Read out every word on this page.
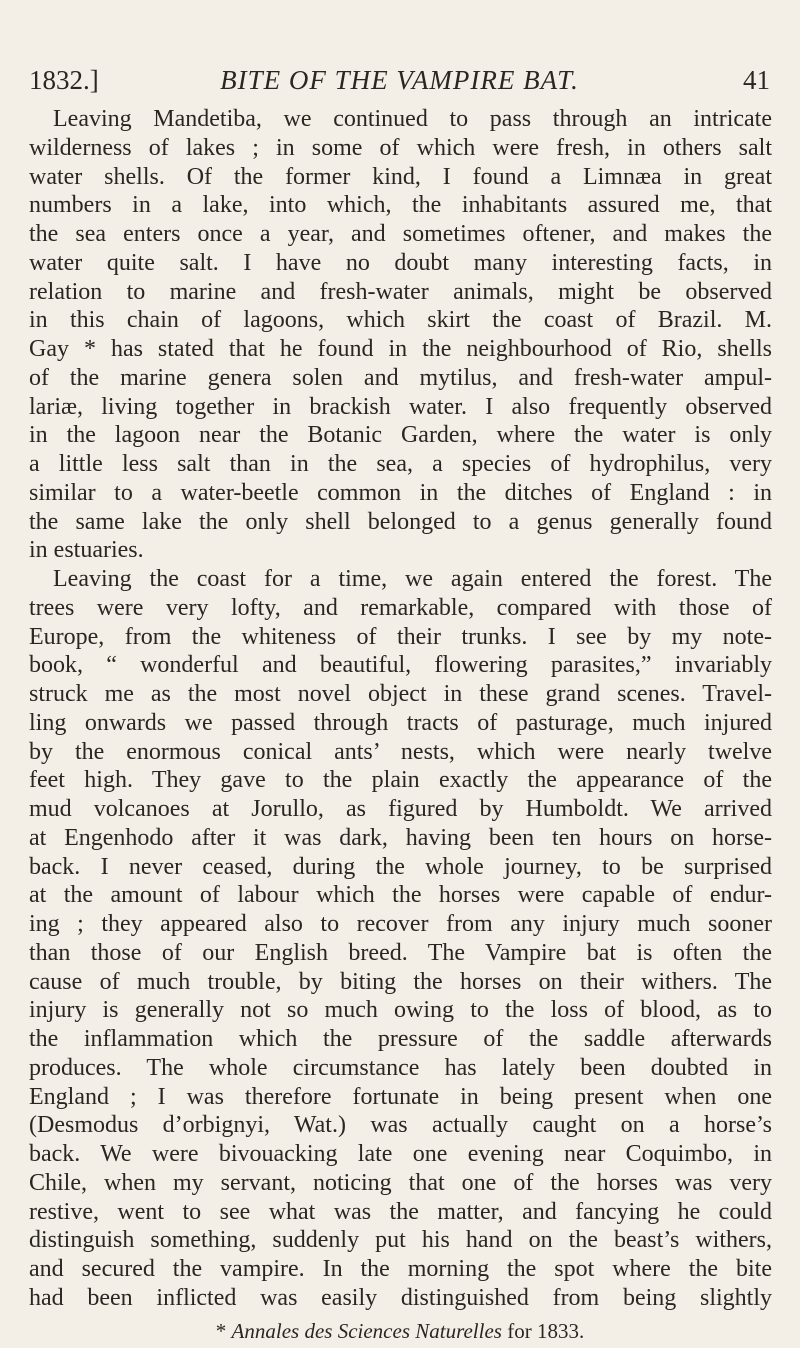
1832.]	BITE OF THE VAMPIRE BAT.	41
Leaving Mandetiba, we continued to pass through an intricate
wilderness of lakes ; in some of which were fresh, in others salt
water shells. Of the former kind, I found a Limnæa in great
numbers in a lake, into which, the inhabitants assured me, that
the sea enters once a year, and sometimes oftener, and makes the
water quite salt. I have no doubt many interesting facts, in
relation to marine and fresh-water animals, might be observed
in this chain of lagoons, which skirt the coast of Brazil. M.
Gay * has stated that he found in the neighbourhood of Rio, shells
of the marine genera solen and mytilus, and fresh-water ampul-
lariæ, living together in brackish water. I also frequently observed
in the lagoon near the Botanic Garden, where the water is only
a little less salt than in the sea, a species of hydrophilus, very
similar to a water-beetle common in the ditches of England : in
the same lake the only shell belonged to a genus generally found
in estuaries.
Leaving the coast for a time, we again entered the forest. The
trees were very lofty, and remarkable, compared with those of
Europe, from the whiteness of their trunks. I see by my note-
book, “ wonderful and beautiful, flowering parasites,” invariably
struck me as the most novel object in these grand scenes. Travel-
ling onwards we passed through tracts of pasturage, much injured
by the enormous conical ants’ nests, which were nearly twelve
feet high. They gave to the plain exactly the appearance of the
mud volcanoes at Jorullo, as figured by Humboldt. We arrived
at Engenhodo after it was dark, having been ten hours on horse-
back. I never ceased, during the whole journey, to be surprised
at the amount of labour which the horses were capable of endur-
ing ; they appeared also to recover from any injury much sooner
than those of our English breed. The Vampire bat is often the
cause of much trouble, by biting the horses on their withers. The
injury is generally not so much owing to the loss of blood, as to
the inflammation which the pressure of the saddle afterwards
produces. The whole circumstance has lately been doubted in
England ; I was therefore fortunate in being present when one
(Desmodus d’orbignyi, Wat.) was actually caught on a horse’s
back. We were bivouacking late one evening near Coquimbo, in
Chile, when my servant, noticing that one of the horses was very
restive, went to see what was the matter, and fancying he could
distinguish something, suddenly put his hand on the beast’s withers,
and secured the vampire. In the morning the spot where the bite
had been inflicted was easily distinguished from being slightly
* Annales des Sciences Naturelles for 1833.
